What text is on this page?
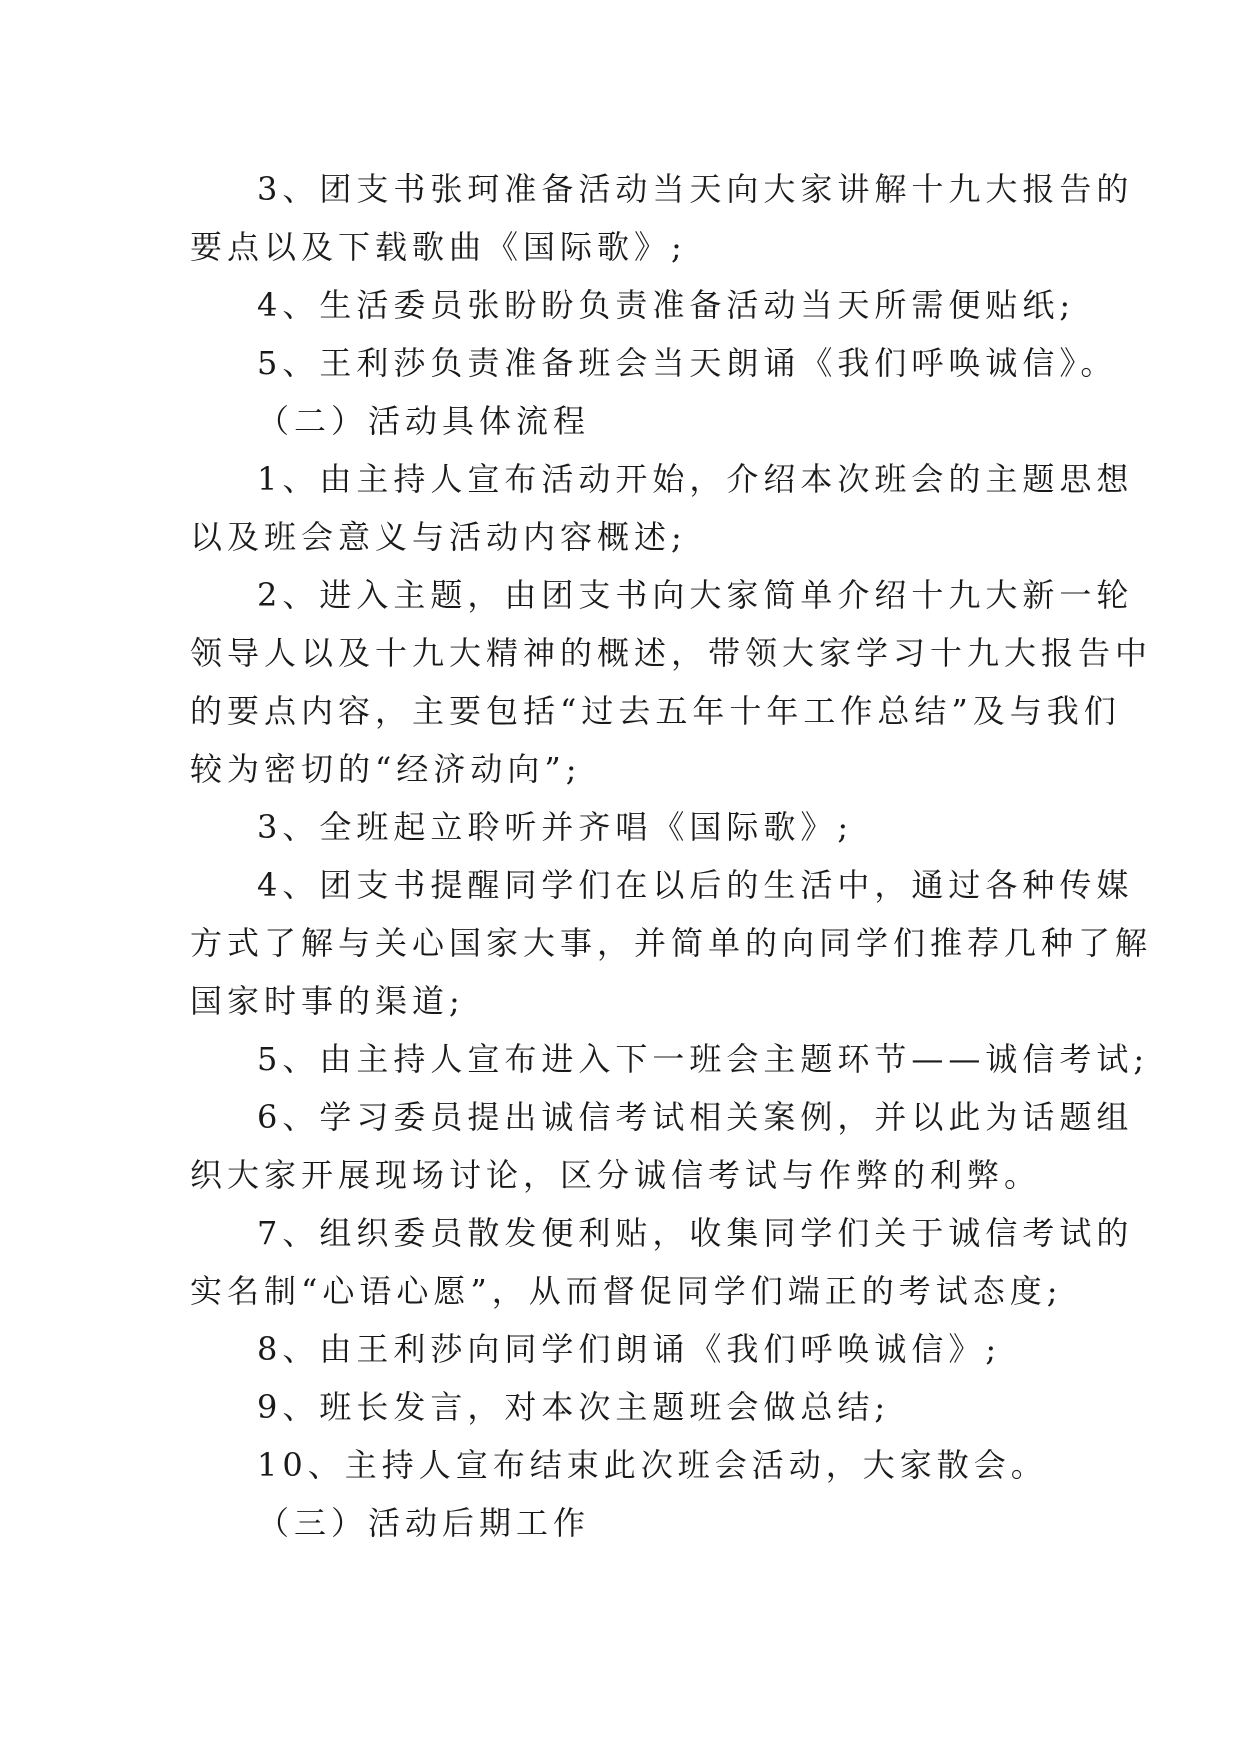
3、团支书张珂准备活动当天向大家讲解十九大报告的
要点以及下载歌曲《国际歌》;
4、生活委员张盼盼负责准备活动当天所需便贴纸;
5、王利莎负责准备班会当天朗诵《我们呼唤诚信》。
（二）活动具体流程
1、由主持人宣布活动开始，介绍本次班会的主题思想
以及班会意义与活动内容概述;
2、进入主题，由团支书向大家简单介绍十九大新一轮
领导人以及十九大精神的概述，带领大家学习十九大报告中
的要点内容，主要包括“过去五年十年工作总结”及与我们
较为密切的“经济动向”;
3、全班起立聆听并齐唱《国际歌》;
4、团支书提醒同学们在以后的生活中，通过各种传媒
方式了解与关心国家大事，并简单的向同学们推荐几种了解
国家时事的渠道;
5、由主持人宣布进入下一班会主题环节——诚信考试;
6、学习委员提出诚信考试相关案例，并以此为话题组
织大家开展现场讨论，区分诚信考试与作弊的利弊。
7、组织委员散发便利贴，收集同学们关于诚信考试的
实名制“心语心愿”，从而督促同学们端正的考试态度;
8、由王利莎向同学们朗诵《我们呼唤诚信》;
9、班长发言，对本次主题班会做总结;
10、主持人宣布结束此次班会活动，大家散会。
（三）活动后期工作
